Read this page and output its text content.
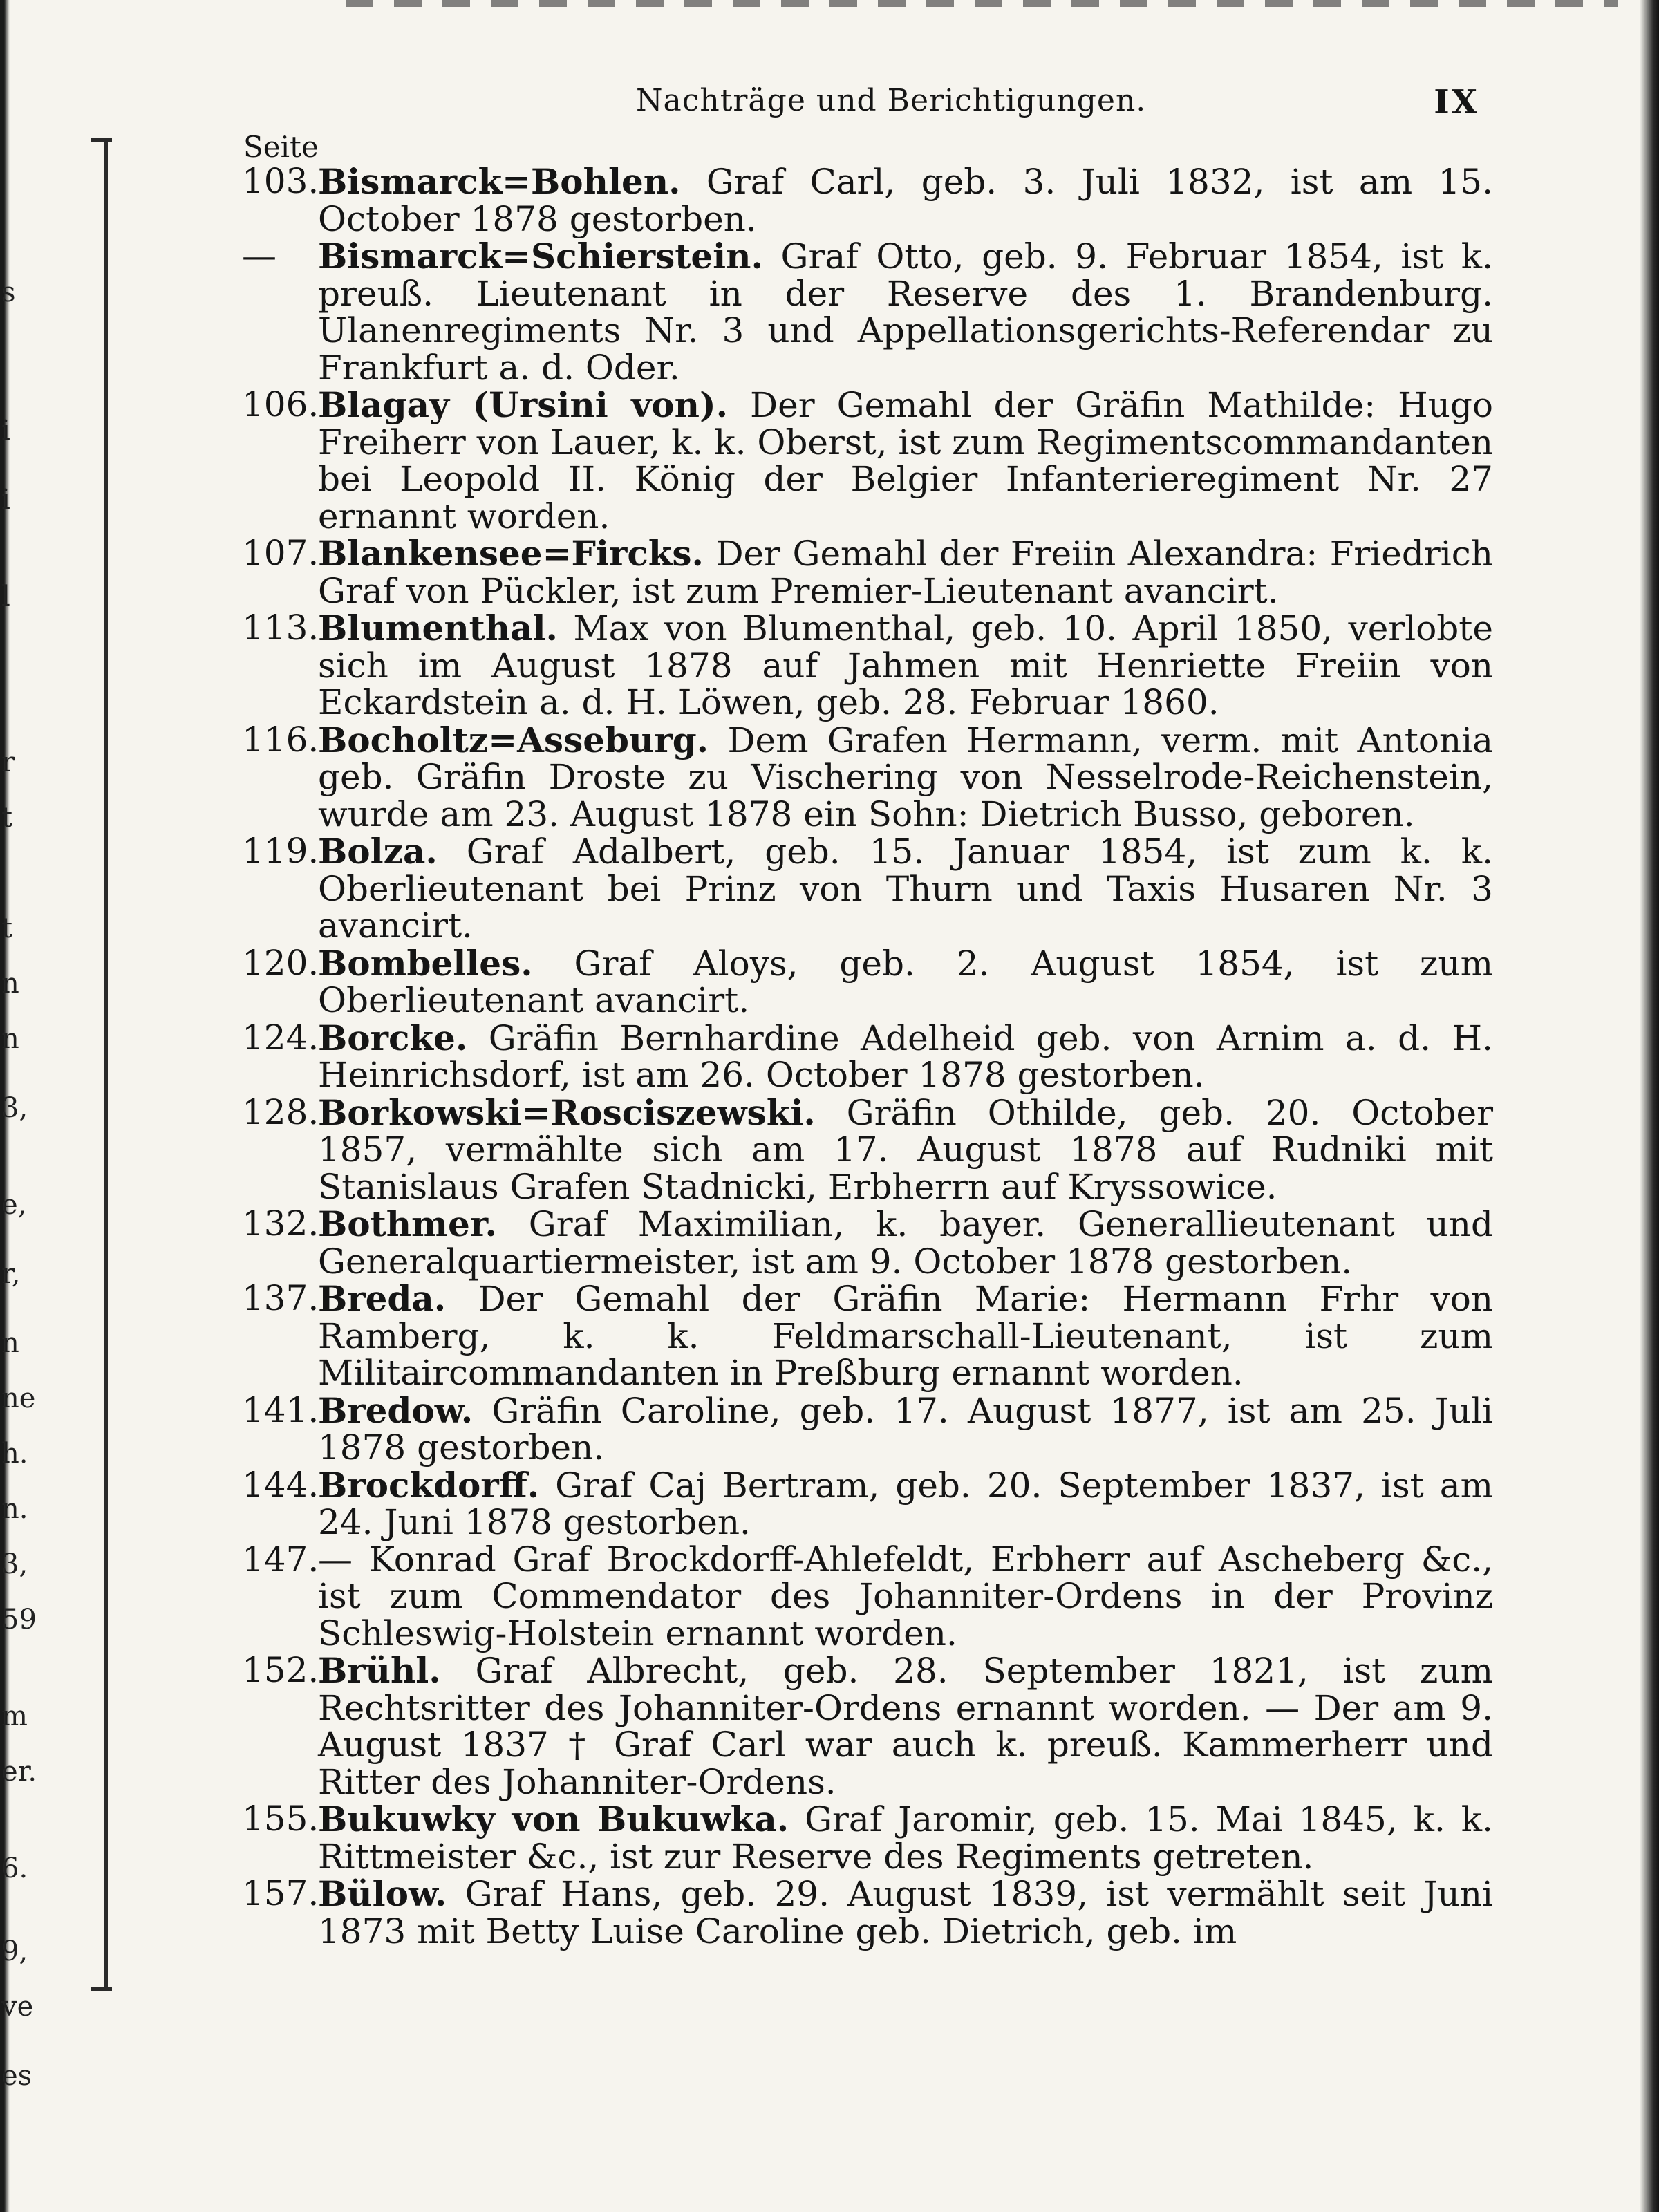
s
i
i
l
r
t
t
n
n
3,
e,
r,
n
ne
h.
n.
3,
59
m
er.
6.
9,
ve
es
Nachträge und Berichtigungen.	IX
Seite

103.
Bismarck=Bohlen. Graf Carl, geb. 3. Juli 1832, ist am 15. October 1878 gestorben.

—	Bismarck=Schierstein. Graf Otto, geb. 9. Februar 1854, ist k. preuß. Lieutenant in der Reserve des 1. Brandenburg. Ulanenregiments Nr. 3 und Appellationsgerichts-Referendar zu Frankfurt a. d. Oder.

106.
Blagay (Ursini von). Der Gemahl der Gräfin Mathilde: Hugo Freiherr von Lauer, k. k. Oberst, ist zum Regimentscommandanten bei Leopold II. König der Belgier Infanterieregiment Nr. 27 ernannt worden.

107.
Blankensee=Fircks. Der Gemahl der Freiin Alexandra: Friedrich Graf von Pückler, ist zum Premier-Lieutenant avancirt.

113.
Blumenthal. Max von Blumenthal, geb. 10. April 1850, verlobte sich im August 1878 auf Jahmen mit Henriette Freiin von Eckardstein a. d. H. Löwen, geb. 28. Februar 1860.

116.
Bocholtz=Asseburg. Dem Grafen Hermann, verm. mit Antonia geb. Gräfin Droste zu Vischering von Nesselrode-Reichenstein, wurde am 23. August 1878 ein Sohn: Dietrich Busso, geboren.

119.
Bolza. Graf Adalbert, geb. 15. Januar 1854, ist zum k. k. Oberlieutenant bei Prinz von Thurn und Taxis Husaren Nr. 3 avancirt.

120.
Bombelles. Graf Aloys, geb. 2. August 1854, ist zum Oberlieutenant avancirt.

124.
Borcke. Gräfin Bernhardine Adelheid geb. von Arnim a. d. H. Heinrichsdorf, ist am 26. October 1878 gestorben.

128.
Borkowski=Rosciszewski. Gräfin Othilde, geb. 20. October 1857, vermählte sich am 17. August 1878 auf Rudniki mit Stanislaus Grafen Stadnicki, Erbherrn auf Kryssowice.

132.
Bothmer. Graf Maximilian, k. bayer. Generallieutenant und Generalquartiermeister, ist am 9. October 1878 gestorben.

137.
Breda. Der Gemahl der Gräfin Marie: Hermann Frhr von Ramberg, k. k. Feldmarschall-Lieutenant, ist zum Militaircommandanten in Preßburg ernannt worden.

141.
Bredow. Gräfin Caroline, geb. 17. August 1877, ist am 25. Juli 1878 gestorben.

144.
Brockdorff. Graf Caj Bertram, geb. 20. September 1837, ist am 24. Juni 1878 gestorben.

147.
— Konrad Graf Brockdorff-Ahlefeldt, Erbherr auf Ascheberg &c., ist zum Commendator des Johanniter-Ordens in der Provinz Schleswig-Holstein ernannt worden.

152.
Brühl. Graf Albrecht, geb. 28. September 1821, ist zum Rechtsritter des Johanniter-Ordens ernannt worden. — Der am 9. August 1837 † Graf Carl war auch k. preuß. Kammerherr und Ritter des Johanniter-Ordens.

155.
Bukuwky von Bukuwka. Graf Jaromir, geb. 15. Mai 1845, k. k. Rittmeister &c., ist zur Reserve des Regiments getreten.

157.
Bülow. Graf Hans, geb. 29. August 1839, ist vermählt seit Juni 1873 mit Betty Luise Caroline geb. Dietrich, geb. im
